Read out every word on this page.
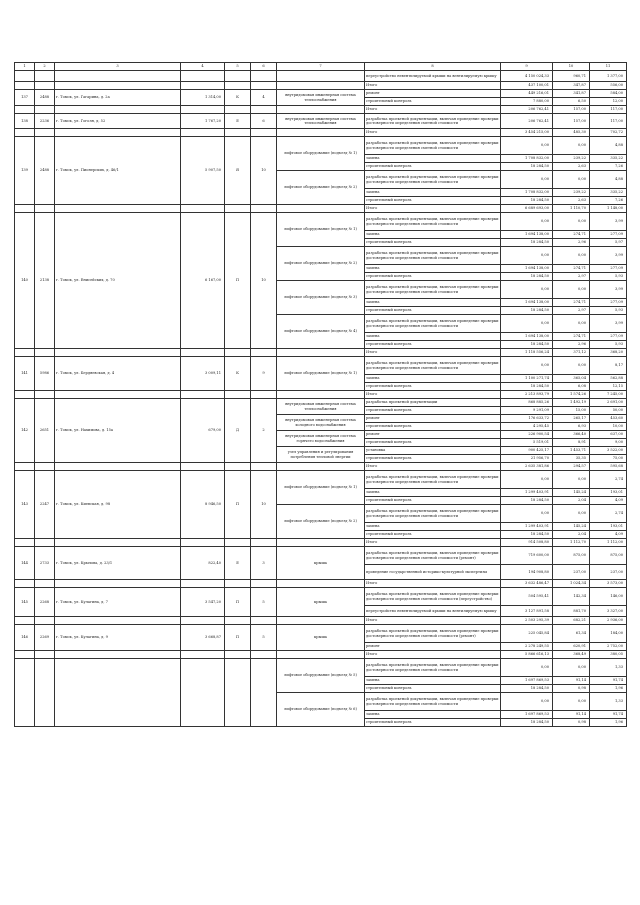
1	2	3	4	5	6	7	8	9	10	11
							переустройство невентилируемой крыши на вентилируемую крышу	4 150 024,33	960,71	1 377,00
							Итого	437 100,01	347,87	556,00
137	2488	г. Томск, ул. Гагарина, д. 2а	1 314,00	К	4	внутридомовая инженерная система теплоснабжения	ремонт	449 216,01	341,87	584,00
							строительный контроль	7 880,00	6,50	12,00
							Итого	206 762,41	157,00	117,00
138	2236	г. Томск, ул. Гоголя, д. 52	1 767,20	Е	6	внутридомовая инженерная система теплоснабжения	разработка проектной документации, включая проведение проверки достоверности определения сметной стоимости	206 762,41	157,00	117,00
							Итого	3 454 215,00	485,30	702,72
139	2488	г. Томск, ул. Пионерских, д. 46/1	5 907,50	Я	10	лифтовое оборудование (подъезд № 1)	разработка проектной документации, включая проведение проверки достоверности определения сметной стоимости	0,00	0,00	4,88
							замена	1 708 832,00	239,22	335,22
							строительный контроль	18 284,50	2,63	7,26
						лифтовое оборудование (подъезд № 2)	разработка проектной документации, включая проведение проверки достоверности определения сметной стоимости	0,00	0,00	4,88
							замена	1 708 832,00	239,22	335,22
							строительный контроль	18 284,50	2,63	7,26
							Итого	6 689 693,00	1 110,70	1 148,00
140	2138	г. Томск, ул. Енисейских, д. 70	6 167,00	П	10	лифтовое оборудование (подъезд № 1)	разработка проектной документации, включая проведение проверки достоверности определения сметной стоимости	0,00	0,00	3,99
							замена	1 694 138,00	274,71	277,09
							строительный контроль	18 284,50	2,96	5,97
						лифтовое оборудование (подъезд № 2)	разработка проектной документации, включая проведение проверки достоверности определения сметной стоимости	0,00	0,00	3,99
							замена	1 694 138,00	274,71	277,09
							строительный контроль	18 284,50	2,97	5,93
						лифтовое оборудование (подъезд № 3)	разработка проектной документации, включая проведение проверки достоверности определения сметной стоимости	0,00	0,00	3,99
							замена	1 694 138,00	274,71	277,09
							строительный контроль	18 284,50	2,97	5,93
						лифтовое оборудование (подъезд № 4)	разработка проектной документации, включая проведение проверки достоверности определения сметной стоимости	0,00	0,00	3,99
							замена	1 694 138,00	274,71	277,09
							строительный контроль	18 284,50	2,96	5,93
							Итого	1 118 556,24	371,12	368,20
141	5986	г. Томск, ул. Бердяевская, д. 4	3 009,11	К	9	лифтовое оборудование (подъезд № 1)	разработка проектной документации, включая проведение проверки достоверности определения сметной стоимости	0,00	0,00	8,17
							замена	1 100 271,74	365,04	562,88
							строительный контроль	18 284,50	6,08	12,15
							Итого	2 213 893,79	1 574,26	7 245,00
142	2651	г. Томск, ул. Нахимова, д. 15а	679,00	Д	2	внутридомовая инженерная система теплоснабжения	разработка проектной документации	868 885,26	1 492,19	2 691,00
							строительный контроль	9 291,09	15,00	50,00
						внутридомовая инженерная система холодного водоснабжения	ремонт	176 633,72	265,17	453,60
							строительный контроль	4 295,45	6,93	10,00
						внутридомовая инженерная система горячего водоснабжения	ремонт	226 900,54	366,40	637,00
							строительный контроль	5 519,01	8,91	9,00
						узел управления и регулирования потребления тепловой энергии	установка	900 425,17	1 453,71	3 522,00
							строительный контроль	21 956,70	35,35	75,00
							Итого	2 635 381,86	294,57	595,68
143	2247	г. Томск, ул. Киевская, д. 98	8 946,50	П	10	лифтовое оборудование (подъезд № 1)	разработка проектной документации, включая проведение проверки достоверности определения сметной стоимости	0,00	0,00	2,74
							замена	1 299 403,91	145,24	193,01
							строительный контроль	18 284,50	2,04	4,09
						лифтовое оборудование (подъезд № 2)	разработка проектной документации, включая проведение проверки достоверности определения сметной стоимости	0,00	0,00	2,74
							замена	1 299 403,91	145,24	193,01
							строительный контроль	18 284,50	2,04	4,09
							Итого	914 508,80	1 112,70	1 112,00
144	2733	г. Томск, ул. Крылова, д. 23/1	822,40	Е	3	крыша	разработка проектной документации, включая проведение проверки достоверности определения сметной стоимости (ремонт)	719 600,00	875,00	875,00
							проведение государственной историко-культурной экспертизы	194 908,80	237,00	237,00
							Итого	3 632 486,47	1 024,34	3 573,00
145	2268	г. Томск, ул. Кулагина, д. 7	3 547,20	П	5	крыша	разработка проектной документации, включая проведение проверки достоверности определения сметной стоимости (переустройство)	504 595,41	142,34	146,00
							переустройство невентилируемой крыши на вентилируемую крышу	3 127 891,58	881,70	3 327,00
							Итого	2 503 295,39	682,21	2 936,00
146	2269	г. Томск, ул. Кулагина, д. 9	3 668,87	П	5	крыша	разработка проектной документации, включая проведение проверки достоверности определения сметной стоимости (ремонт)	225 045,84	61,34	184,00
							ремонт	2 278 249,55	620,91	2 752,00
							Итого	5 866 616,13	368,49	380,05
						лифтовое оборудование (подъезд № 5)	разработка проектной документации, включая проведение проверки достоверности определения сметной стоимости	0,00	0,00	1,33
							замена	1 697 869,53	91,14	91,74
							строительный контроль	18 284,50	0,98	1,96
						лифтовое оборудование (подъезд № 6)	разработка проектной документации, включая проведение проверки достоверности определения сметной стоимости	0,00	0,00	1,33
							замена	1 697 869,53	91,14	91,74
							строительный контроль	18 284,50	0,98	1,96
